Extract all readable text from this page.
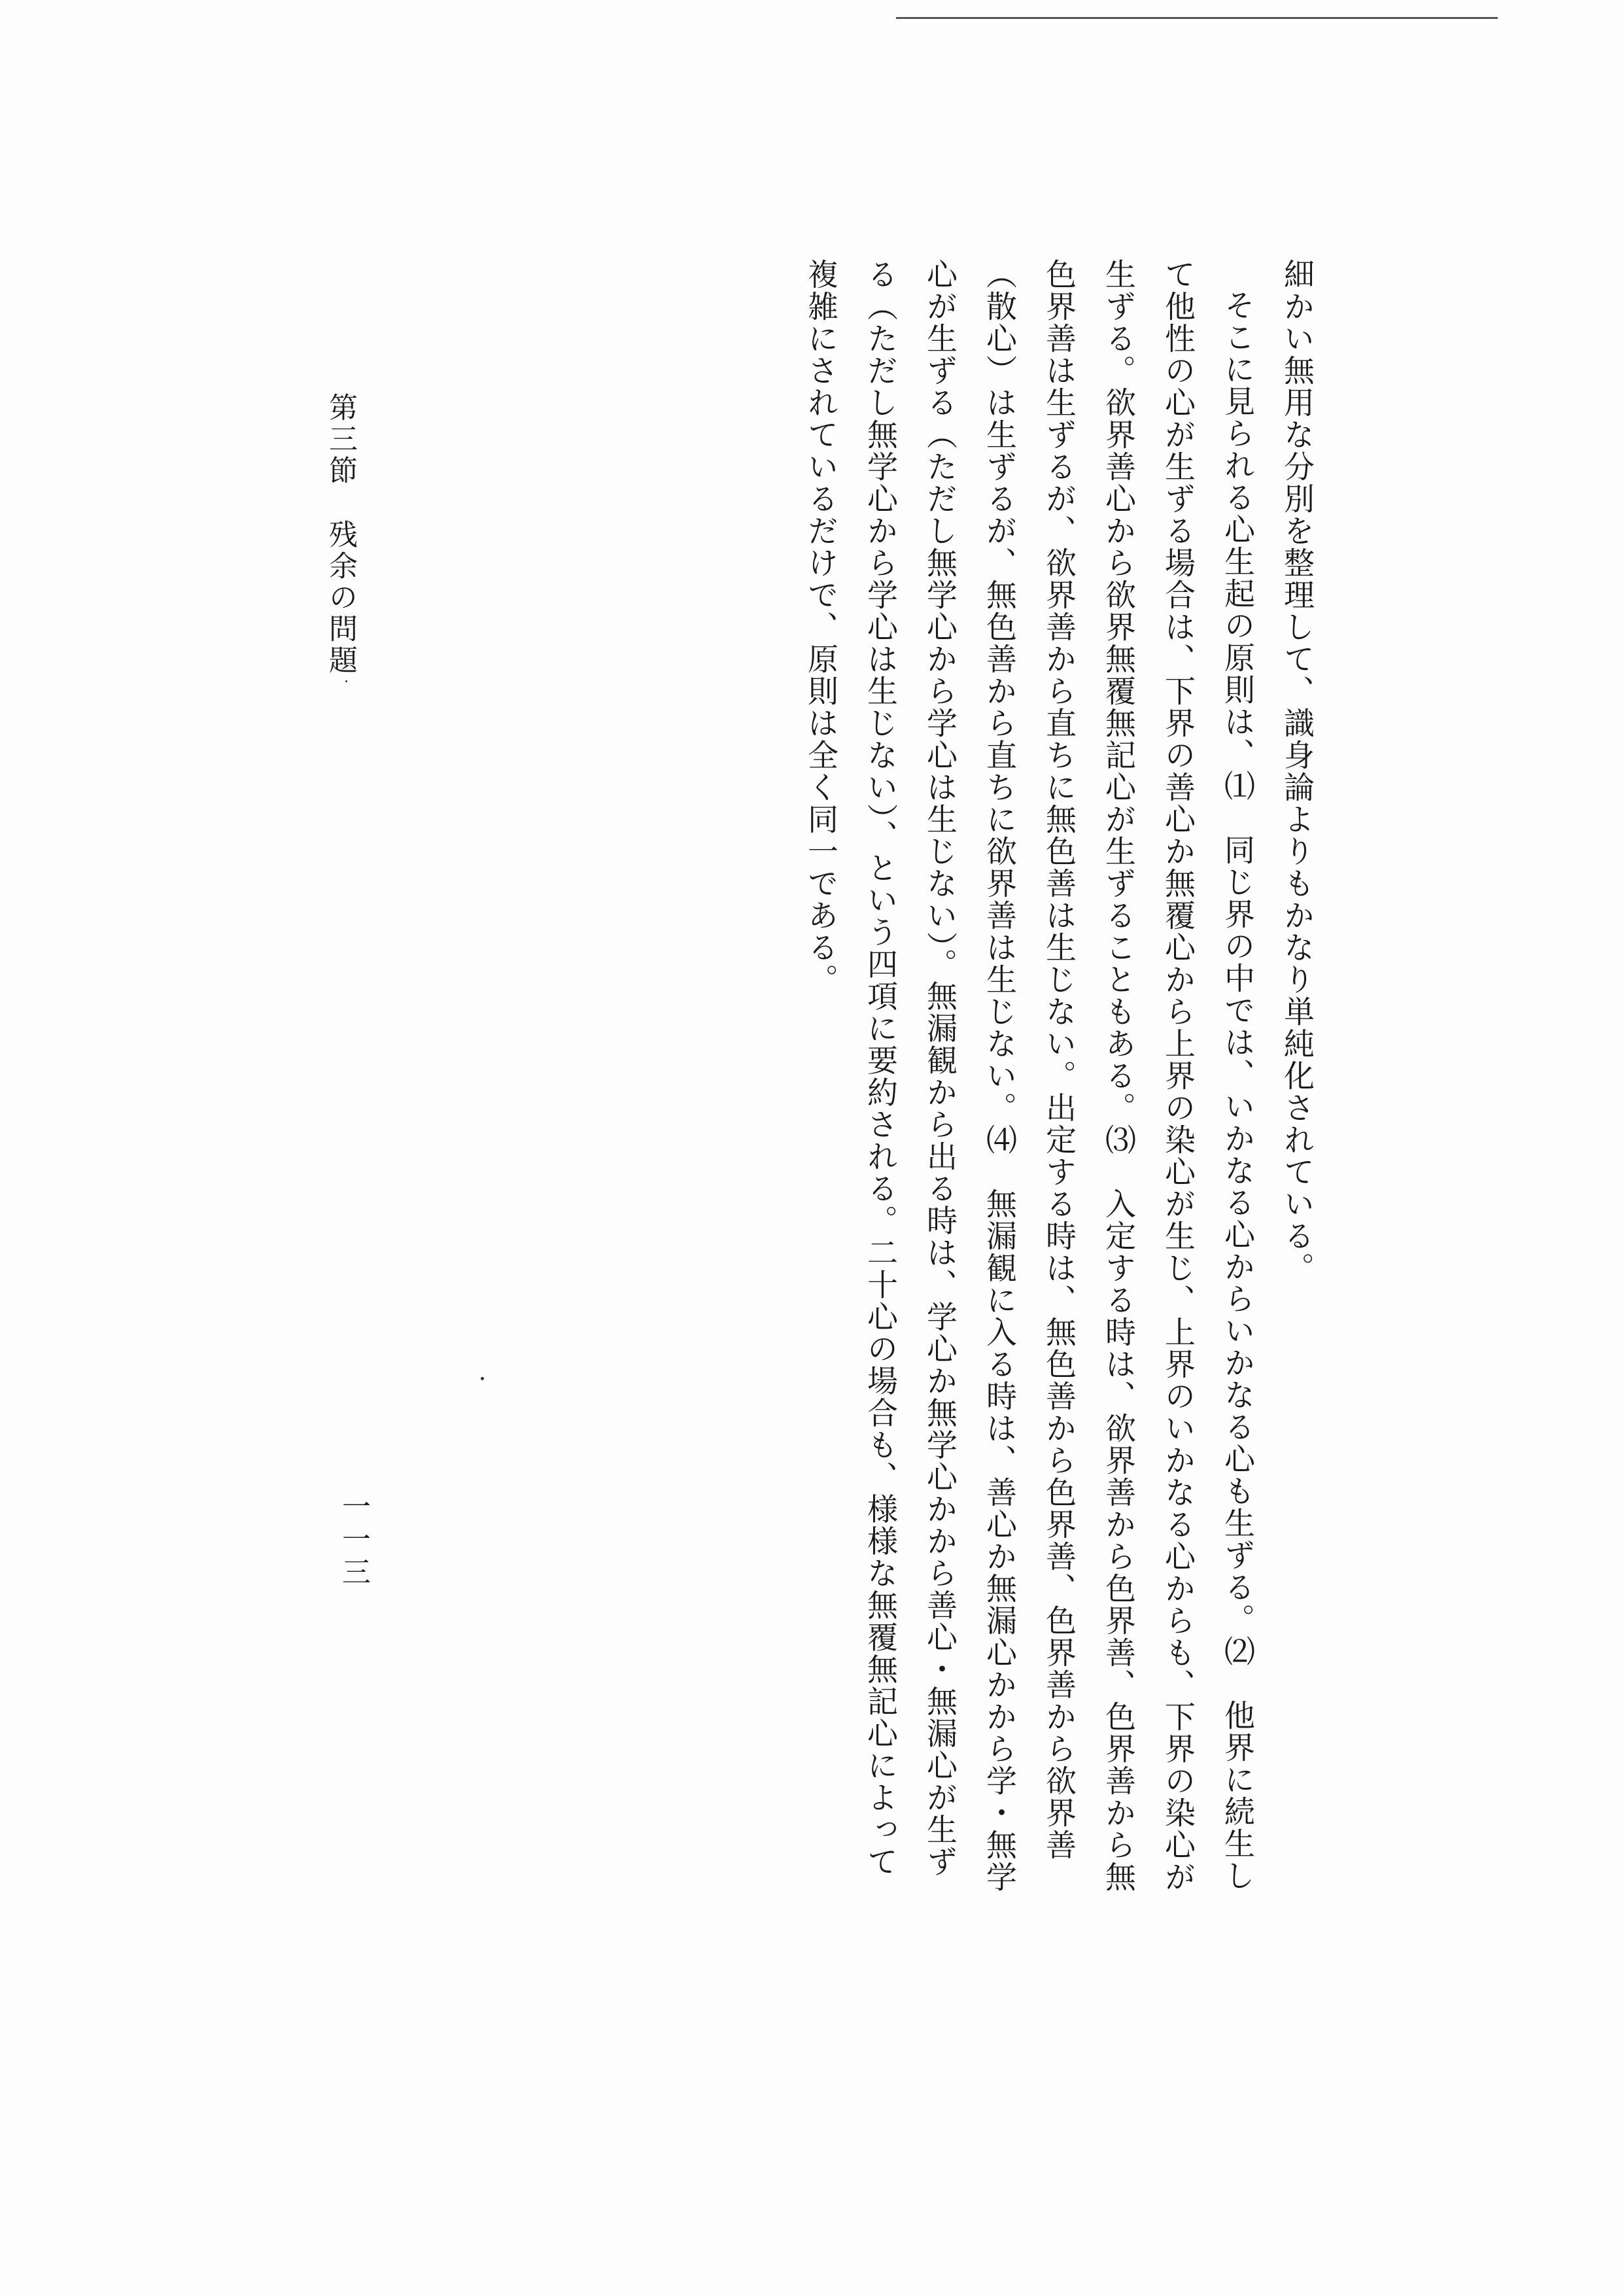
細かい無用な分別を整理して、識身論よりもかなり単純化されている。

そこに見られる心生起の原則は、⑴　同じ界の中では、いかなる心からいかなる心も生ずる。⑵　他界に続生して他性の心が生ずる場合は、下界の善心か無覆心から上界の染心が生じ、上界のいかなる心からも、下界の染心が生ずる。欲界善心から欲界無覆無記心が生ずることもある。⑶　入定する時は、欲界善から色界善、色界善から無色界善は生ずるが、欲界善から直ちに無色善は生じない。出定する時は、無色善から色界善、色界善から欲界善（散心）は生ずるが、無色善から直ちに欲界善は生じない。⑷　無漏観に入る時は、善心か無漏心かから学・無学心が生ずる（ただし無学心から学心は生じない）。無漏観から出る時は、学心か無学心かから善心・無漏心が生ずる（ただし無学心から学心は生じない）、という四項に要約される。二十心の場合も、様様な無覆無記心によって複雑にされているだけで、原則は全く同一である。

第三節残余の問題

一一三
